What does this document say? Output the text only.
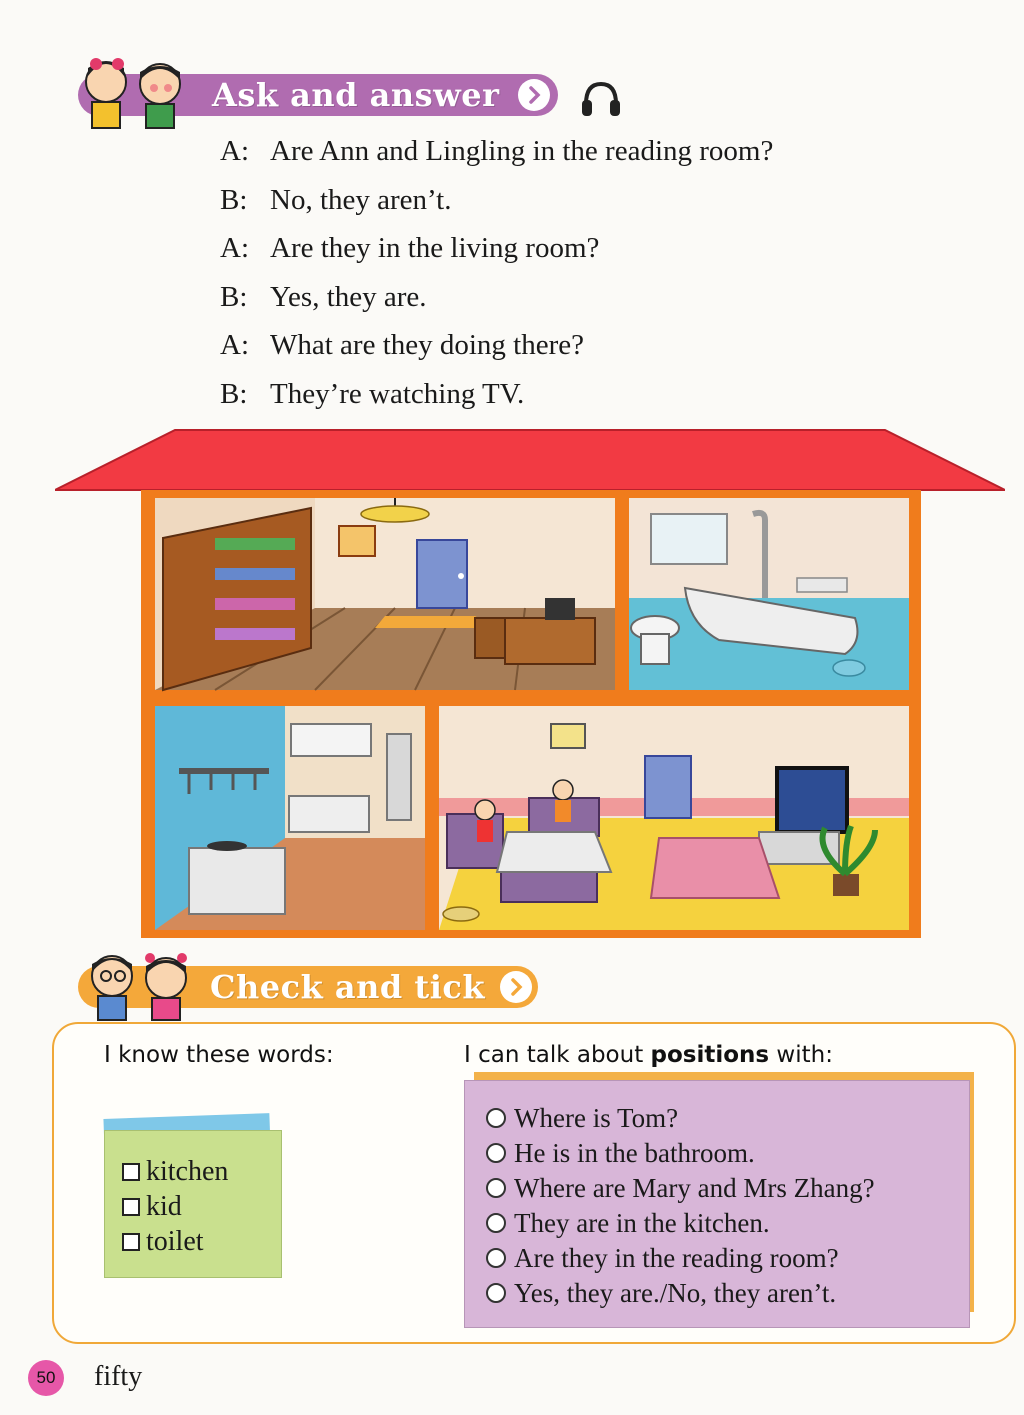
Ask and answer
A: Are Ann and Lingling in the reading room?
B: No, they aren’t.
A: Are they in the living room?
B: Yes, they are.
A: What are they doing there?
B: They’re watching TV.
Check and tick
I know these words:	I can talk about positions with:
kitchen
kid
toilet
Where is Tom?
He is in the bathroom.
Where are Mary and Mrs Zhang?
They are in the kitchen.
Are they in the reading room?
Yes, they are./No, they aren’t.
50	fifty
